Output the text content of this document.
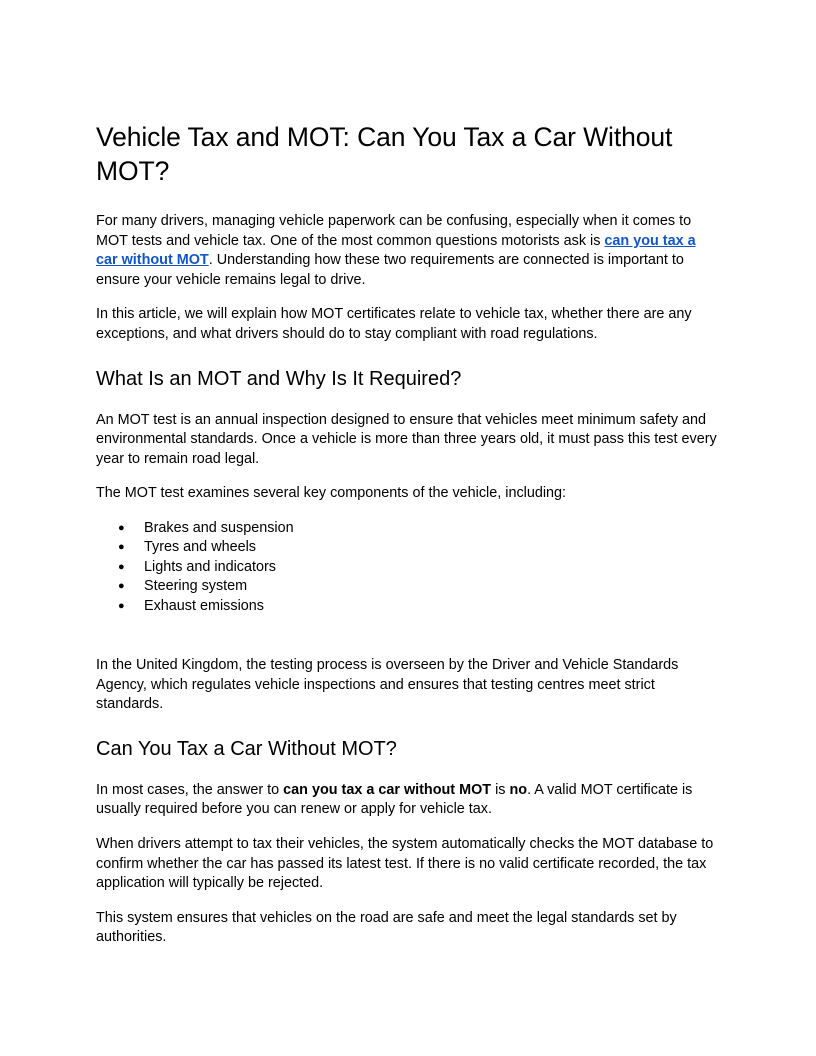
Vehicle Tax and MOT: Can You Tax a Car Without MOT?

For many drivers, managing vehicle paperwork can be confusing, especially when it comes to MOT tests and vehicle tax. One of the most common questions motorists ask is can you tax a car without MOT. Understanding how these two requirements are connected is important to ensure your vehicle remains legal to drive.

In this article, we will explain how MOT certificates relate to vehicle tax, whether there are any exceptions, and what drivers should do to stay compliant with road regulations.

What Is an MOT and Why Is It Required?

An MOT test is an annual inspection designed to ensure that vehicles meet minimum safety and environmental standards. Once a vehicle is more than three years old, it must pass this test every year to remain road legal.

The MOT test examines several key components of the vehicle, including:

● Brakes and suspension
● Tyres and wheels
● Lights and indicators
● Steering system
● Exhaust emissions

In the United Kingdom, the testing process is overseen by the Driver and Vehicle Standards Agency, which regulates vehicle inspections and ensures that testing centres meet strict standards.

Can You Tax a Car Without MOT?

In most cases, the answer to can you tax a car without MOT is no. A valid MOT certificate is usually required before you can renew or apply for vehicle tax.

When drivers attempt to tax their vehicles, the system automatically checks the MOT database to confirm whether the car has passed its latest test. If there is no valid certificate recorded, the tax application will typically be rejected.

This system ensures that vehicles on the road are safe and meet the legal standards set by authorities.
